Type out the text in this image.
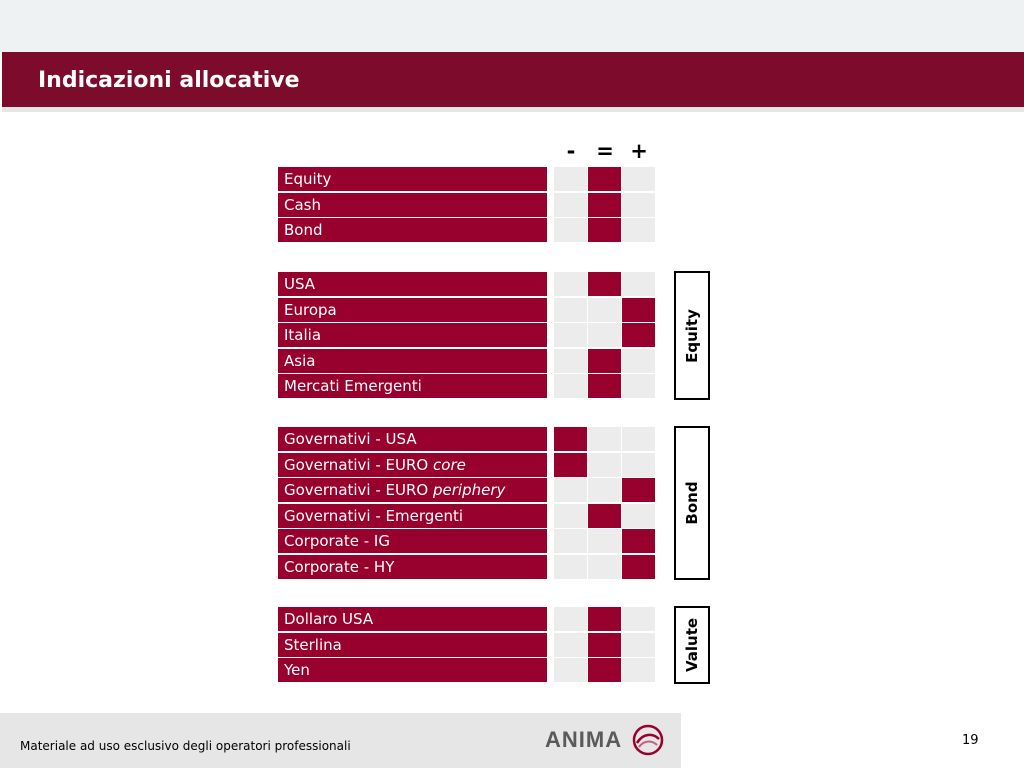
Indicazioni allocative
- = +
Equity
Cash
Bond
USA
Europa
Italia
Asia
Mercati Emergenti
Governativi - USA
Governativi - EURO core
Governativi - EURO periphery
Governativi - Emergenti
Corporate - IG
Corporate - HY
Dollaro USA
Sterlina
Yen
Equity
Bond
Valute
Materiale ad uso esclusivo degli operatori professionali	ANIMA	19
